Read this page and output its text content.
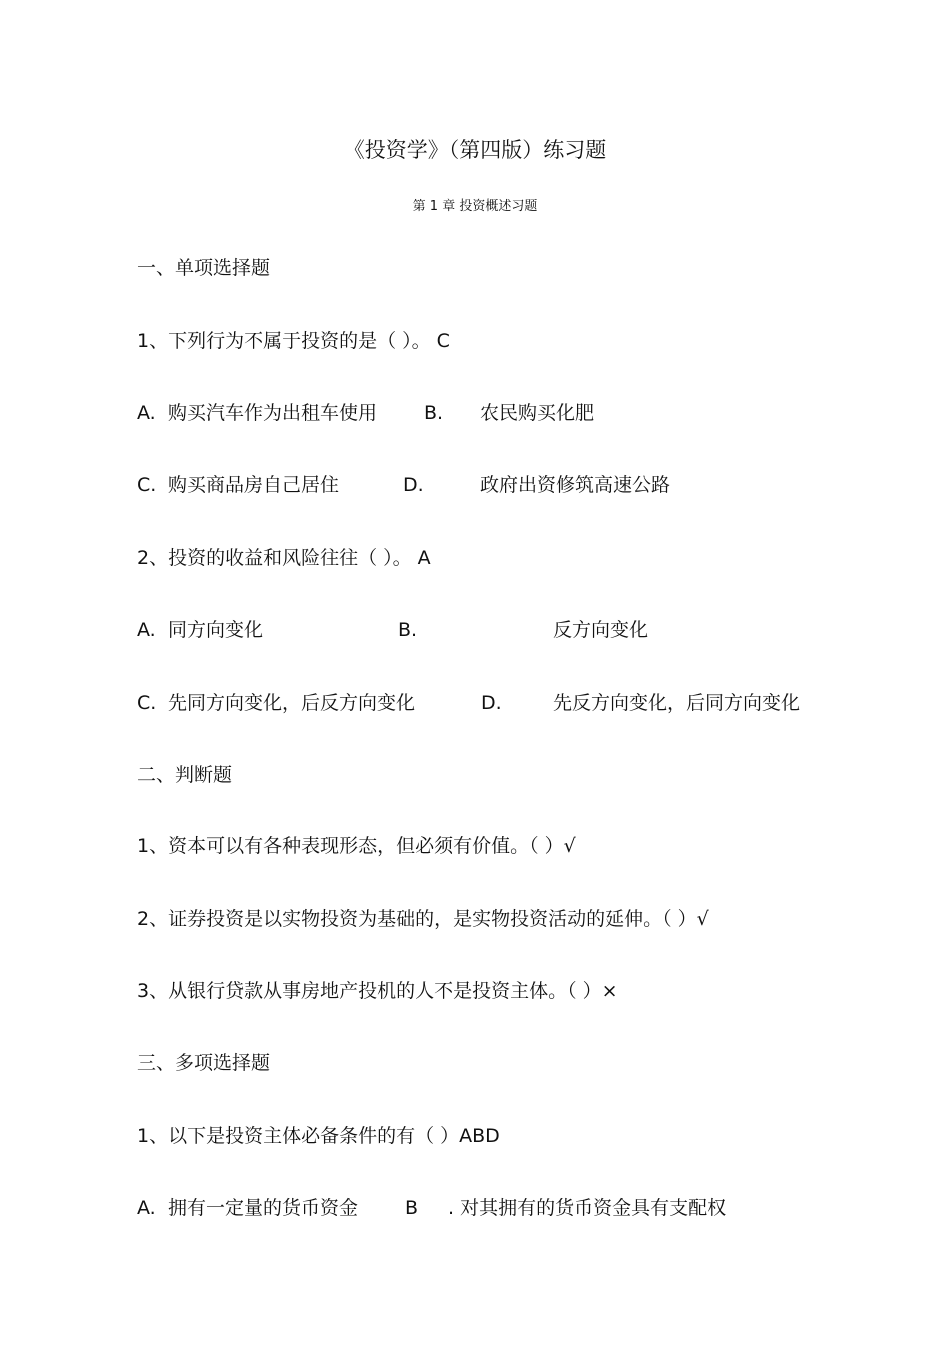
《投资学》（第四版）练习题
第 1 章 投资概述习题
一、单项选择题
1、下列行为不属于投资的是（ ）。 C
A. 购买汽车作为出租车使用 B. 农民购买化肥
C. 购买商品房自己居住	D.	政府出资修筑高速公路
2、投资的收益和风险往往（ ）。 A
A. 同方向变化	B.	反方向变化
C. 先同方向变化，后反方向变化	D.	先反方向变化，后同方向变化
二、判断题
1、资本可以有各种表现形态，但必须有价值。（ ）√
2、证券投资是以实物投资为基础的，是实物投资活动的延伸。（ ）√
3、从银行贷款从事房地产投机的人不是投资主体。（ ）×
三、多项选择题
1、以下是投资主体必备条件的有（ ）ABD
A. 拥有一定量的货币资金 B . 对其拥有的货币资金具有支配权
